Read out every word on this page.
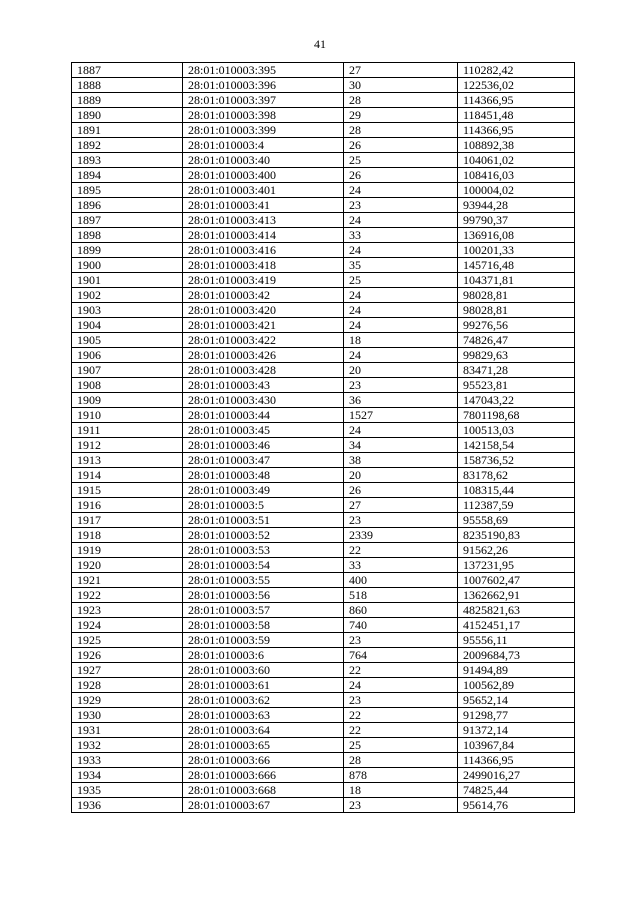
41
1887	28:01:010003:395	27	110282,42
1888	28:01:010003:396	30	122536,02
1889	28:01:010003:397	28	114366,95
1890	28:01:010003:398	29	118451,48
1891	28:01:010003:399	28	114366,95
1892	28:01:010003:4	26	108892,38
1893	28:01:010003:40	25	104061,02
1894	28:01:010003:400	26	108416,03
1895	28:01:010003:401	24	100004,02
1896	28:01:010003:41	23	93944,28
1897	28:01:010003:413	24	99790,37
1898	28:01:010003:414	33	136916,08
1899	28:01:010003:416	24	100201,33
1900	28:01:010003:418	35	145716,48
1901	28:01:010003:419	25	104371,81
1902	28:01:010003:42	24	98028,81
1903	28:01:010003:420	24	98028,81
1904	28:01:010003:421	24	99276,56
1905	28:01:010003:422	18	74826,47
1906	28:01:010003:426	24	99829,63
1907	28:01:010003:428	20	83471,28
1908	28:01:010003:43	23	95523,81
1909	28:01:010003:430	36	147043,22
1910	28:01:010003:44	1527	7801198,68
1911	28:01:010003:45	24	100513,03
1912	28:01:010003:46	34	142158,54
1913	28:01:010003:47	38	158736,52
1914	28:01:010003:48	20	83178,62
1915	28:01:010003:49	26	108315,44
1916	28:01:010003:5	27	112387,59
1917	28:01:010003:51	23	95558,69
1918	28:01:010003:52	2339	8235190,83
1919	28:01:010003:53	22	91562,26
1920	28:01:010003:54	33	137231,95
1921	28:01:010003:55	400	1007602,47
1922	28:01:010003:56	518	1362662,91
1923	28:01:010003:57	860	4825821,63
1924	28:01:010003:58	740	4152451,17
1925	28:01:010003:59	23	95556,11
1926	28:01:010003:6	764	2009684,73
1927	28:01:010003:60	22	91494,89
1928	28:01:010003:61	24	100562,89
1929	28:01:010003:62	23	95652,14
1930	28:01:010003:63	22	91298,77
1931	28:01:010003:64	22	91372,14
1932	28:01:010003:65	25	103967,84
1933	28:01:010003:66	28	114366,95
1934	28:01:010003:666	878	2499016,27
1935	28:01:010003:668	18	74825,44
1936	28:01:010003:67	23	95614,76
